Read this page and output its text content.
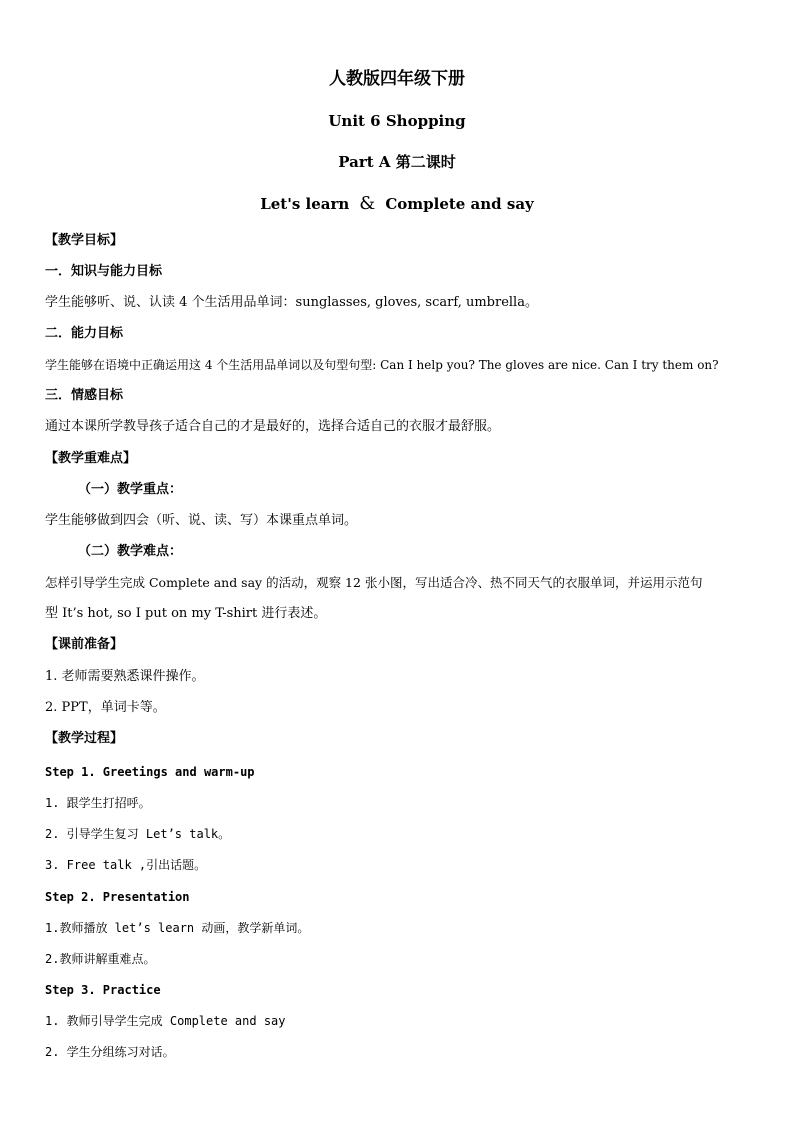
人教版四年级下册
Unit 6 Shopping
Part A 第二课时
Let's learn & Complete and say
【教学目标】
一．知识与能力目标
学生能够听、说、认读 4 个生活用品单词：sunglasses, gloves, scarf, umbrella。
二．能力目标
学生能够在语境中正确运用这 4 个生活用品单词以及句型句型: Can I help you? The gloves are nice. Can I try them on?
三．情感目标
通过本课所学教导孩子适合自己的才是最好的，选择合适自己的衣服才最舒服。
【教学重难点】
（一）教学重点：
学生能够做到四会（听、说、读、写）本课重点单词。
（二）教学难点：
怎样引导学生完成 Complete and say 的活动，观察 12 张小图，写出适合冷、热不同天气的衣服单词，并运用示范句
型 It’s hot, so I put on my T-shirt 进行表述。
【课前准备】
1. 老师需要熟悉课件操作。
2. PPT，单词卡等。
【教学过程】
Step 1. Greetings and warm-up
1. 跟学生打招呼。
2. 引导学生复习 Let’s talk。
3. Free talk ,引出话题。
Step 2. Presentation
1.教师播放 let’s learn 动画，教学新单词。
2.教师讲解重难点。
Step 3. Practice
1. 教师引导学生完成 Complete and say
2. 学生分组练习对话。
